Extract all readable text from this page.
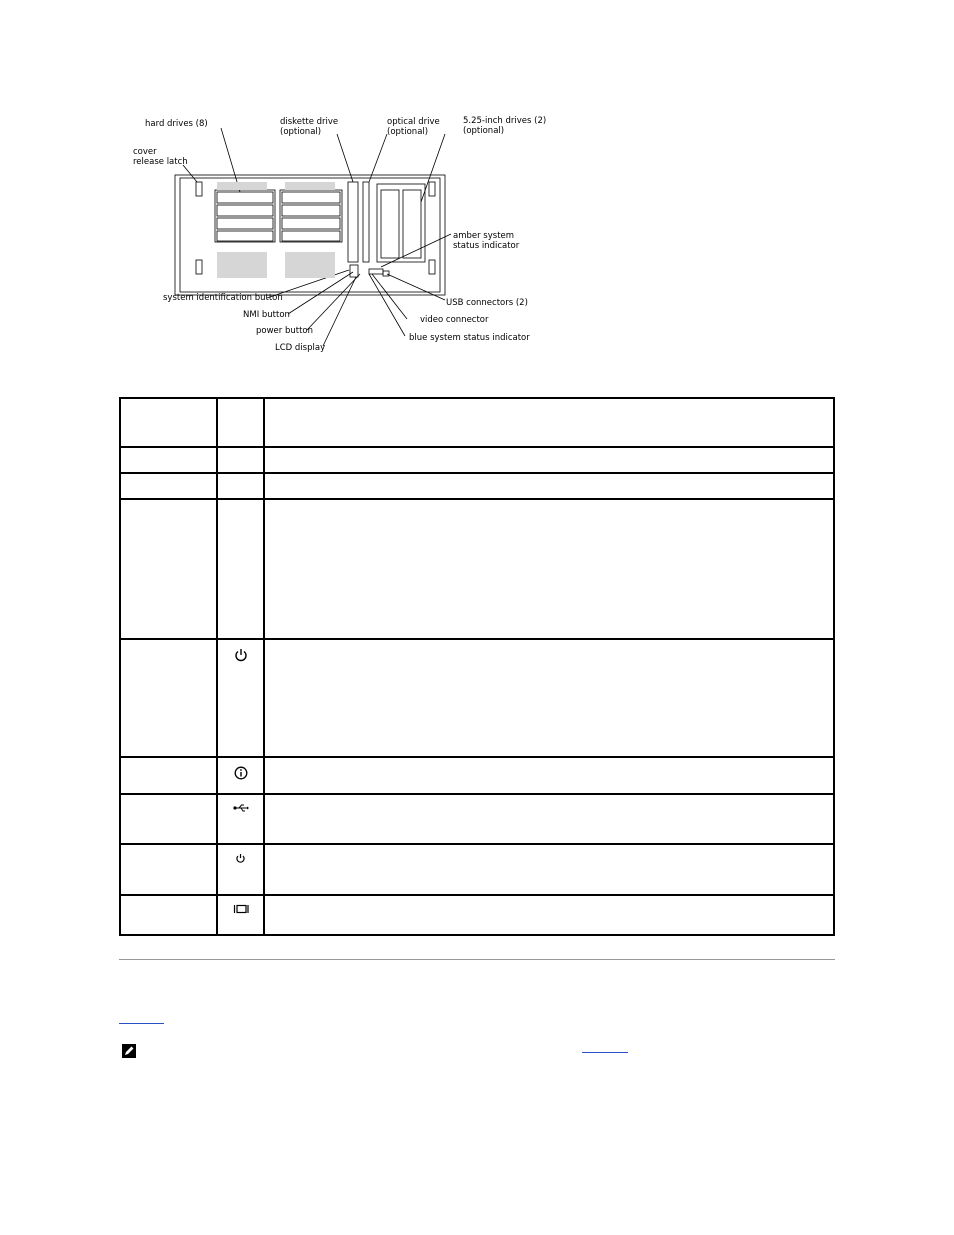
hard drives (8)
cover
release latch
diskette drive
(optional)
optical drive
(optional)
5.25-inch drives (2)
(optional)
amber system
status indicator
system identification button
NMI button
power button
LCD display
USB connectors (2)
video connector
blue system status indicator
